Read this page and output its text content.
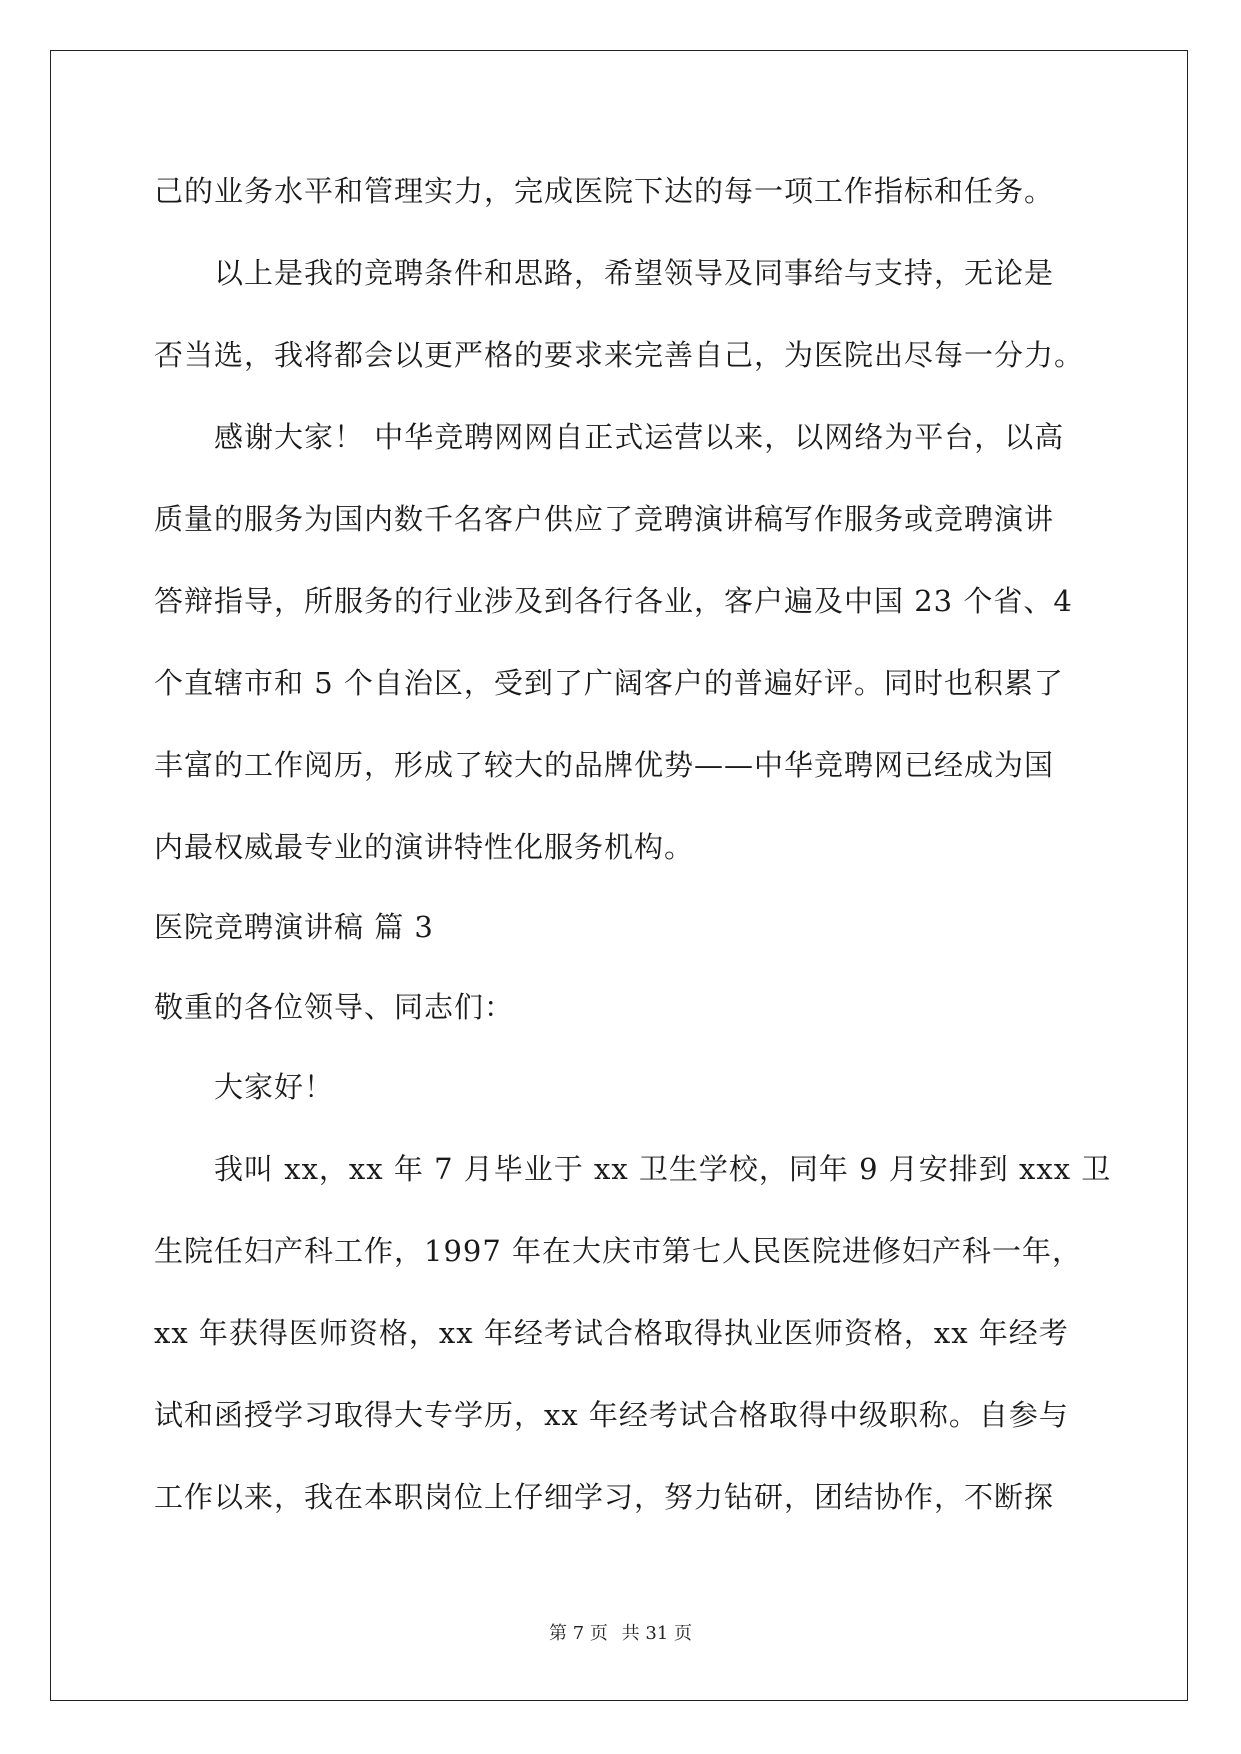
己的业务水平和管理实力，完成医院下达的每一项工作指标和任务。
以上是我的竞聘条件和思路，希望领导及同事给与支持，无论是
否当选，我将都会以更严格的要求来完善自己，为医院出尽每一分力。
感谢大家！ 中华竞聘网网自正式运营以来，以网络为平台，以高
质量的服务为国内数千名客户供应了竞聘演讲稿写作服务或竞聘演讲
答辩指导，所服务的行业涉及到各行各业，客户遍及中国 23 个省、4
个直辖市和 5 个自治区，受到了广阔客户的普遍好评。同时也积累了
丰富的工作阅历，形成了较大的品牌优势——中华竞聘网已经成为国
内最权威最专业的演讲特性化服务机构。
医院竞聘演讲稿 篇 3
敬重的各位领导、同志们：
大家好！
我叫 xx，xx 年 7 月毕业于 xx 卫生学校，同年 9 月安排到 xxx 卫
生院任妇产科工作，1997 年在大庆市第七人民医院进修妇产科一年，
xx 年获得医师资格，xx 年经考试合格取得执业医师资格，xx 年经考
试和函授学习取得大专学历，xx 年经考试合格取得中级职称。自参与
工作以来，我在本职岗位上仔细学习，努力钻研，团结协作，不断探
第 7 页 共 31 页
